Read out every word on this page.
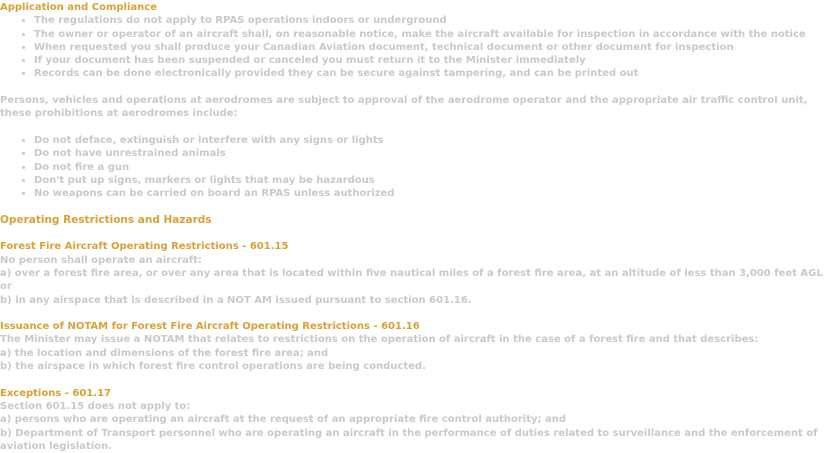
Application and Compliance
• The regulations do not apply to RPAS operations indoors or underground
• The owner or operator of an aircraft shall, on reasonable notice, make the aircraft available for inspection in accordance with the notice
• When requested you shall produce your Canadian Aviation document, technical document or other document for inspection
• If your document has been suspended or canceled you must return it to the Minister immediately
• Records can be done electronically provided they can be secure against tampering, and can be printed out

Persons, vehicles and operations at aerodromes are subject to approval of the aerodrome operator and the appropriate air traffic control unit, these prohibitions at aerodromes include:

• Do not deface, extinguish or interfere with any signs or lights
• Do not have unrestrained animals
• Do not fire a gun
• Don't put up signs, markers or lights that may be hazardous
• No weapons can be carried on board an RPAS unless authorized
Operating Restrictions and Hazards
Forest Fire Aircraft Operating Restrictions - 601.15

No person shall operate an aircraft:

a) over a forest fire area, or over any area that is located within five nautical miles of a forest fire area, at an altitude of less than 3,000 feet AGL or

b) in any airspace that is described in a NOT AM issued pursuant to section 601.16.

Issuance of NOTAM for Forest Fire Aircraft Operating Restrictions - 601.16

The Minister may issue a NOTAM that relates to restrictions on the operation of aircraft in the case of a forest fire and that describes:

a) the location and dimensions of the forest fire area; and

b) the airspace in which forest fire control operations are being conducted.

Exceptions - 601.17

Section 601.15 does not apply to:

a) persons who are operating an aircraft at the request of an appropriate fire control authority; and

b) Department of Transport personnel who are operating an aircraft in the performance of duties related to surveillance and the enforcement of aviation legislation.
